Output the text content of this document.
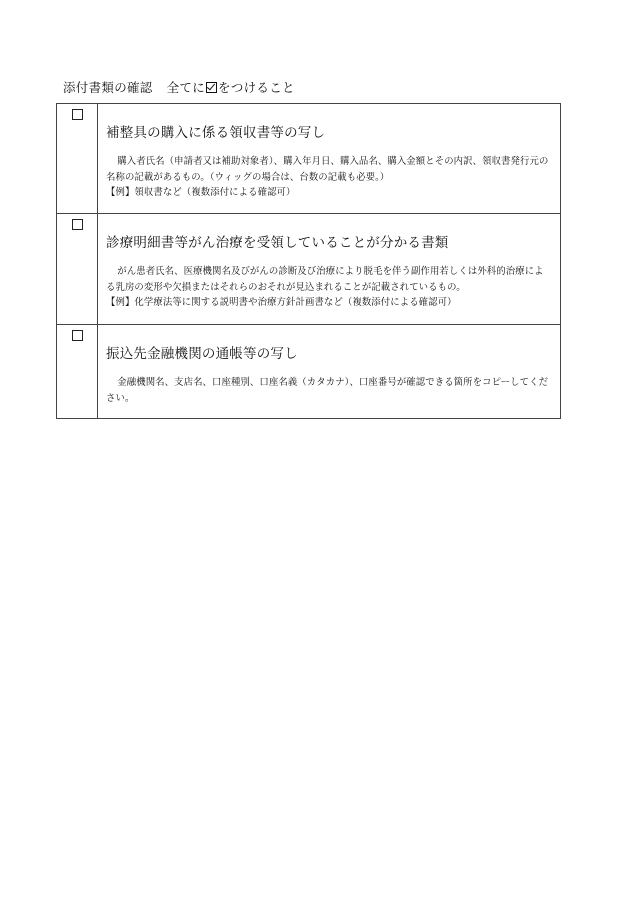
添付書類の確認 全てに をつけること

	補整具の購入に係る領収書等の写し
購入者氏名（申請者又は補助対象者）、購入年月日、購入品名、購入金額とその内訳、領収書発行元の名称の記載があるもの。（ウィッグの場合は、台数の記載も必要。）
【例】領収書など（複数添付による確認可）

	診療明細書等がん治療を受領していることが分かる書類
がん患者氏名、医療機関名及びがんの診断及び治療により脱毛を伴う副作用若しくは外科的治療による乳房の変形や欠損またはそれらのおそれが見込まれることが記載されているもの。
【例】化学療法等に関する説明書や治療方針計画書など（複数添付による確認可）

	振込先金融機関の通帳等の写し
金融機関名、支店名、口座種別、口座名義（カタカナ）、口座番号が確認できる箇所をコピーしてください。
